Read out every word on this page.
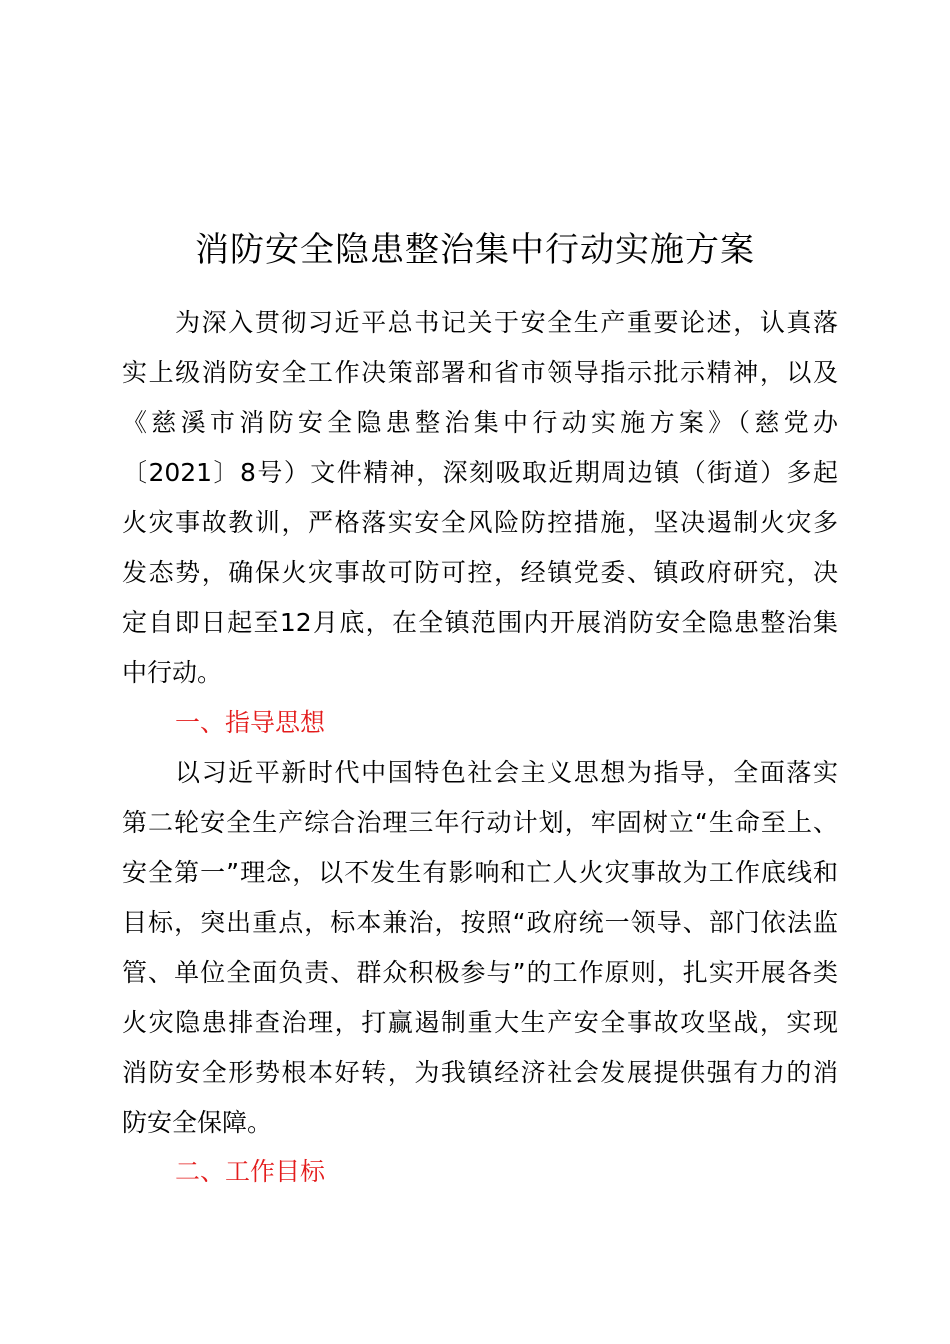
消防安全隐患整治集中行动实施方案

为深入贯彻习近平总书记关于安全生产重要论述，认真落

实上级消防安全工作决策部署和省市领导指示批示精神，以及

《慈溪市消防安全隐患整治集中行动实施方案》（慈党办

〔2021〕8号）文件精神，深刻吸取近期周边镇（街道）多起

火灾事故教训，严格落实安全风险防控措施，坚决遏制火灾多

发态势，确保火灾事故可防可控，经镇党委、镇政府研究，决

定自即日起至12月底，在全镇范围内开展消防安全隐患整治集

中行动。

一、指导思想

以习近平新时代中国特色社会主义思想为指导，全面落实

第二轮安全生产综合治理三年行动计划，牢固树立“生命至上、

安全第一”理念，以不发生有影响和亡人火灾事故为工作底线和

目标，突出重点，标本兼治，按照“政府统一领导、部门依法监

管、单位全面负责、群众积极参与”的工作原则，扎实开展各类

火灾隐患排查治理，打赢遏制重大生产安全事故攻坚战，实现

消防安全形势根本好转，为我镇经济社会发展提供强有力的消

防安全保障。

二、工作目标
